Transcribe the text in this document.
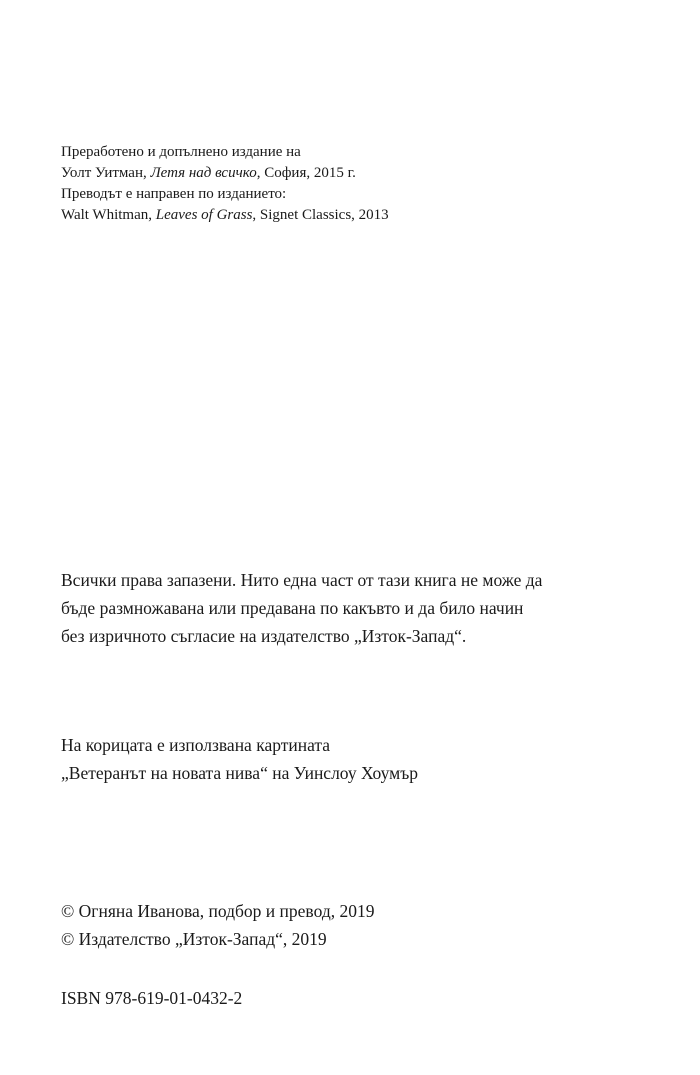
Преработено и допълнено издание на

Уолт Уитман, Летя над всичко, София, 2015 г.

Преводът е направен по изданието:

Walt Whitman, Leaves of Grass, Signet Classics, 2013

Всички права запазени. Нито една част от тази книга не може да

бъде размножавана или предавана по какъвто и да било начин

без изричното съгласие на издателство „Изток-Запад“.

На корицата е използвана картината

„Ветеранът на новата нива“ на Уинслоу Хоумър

© Огняна Иванова, подбор и превод, 2019

© Издателство „Изток-Запад“, 2019

ISBN 978-619-01-0432-2
